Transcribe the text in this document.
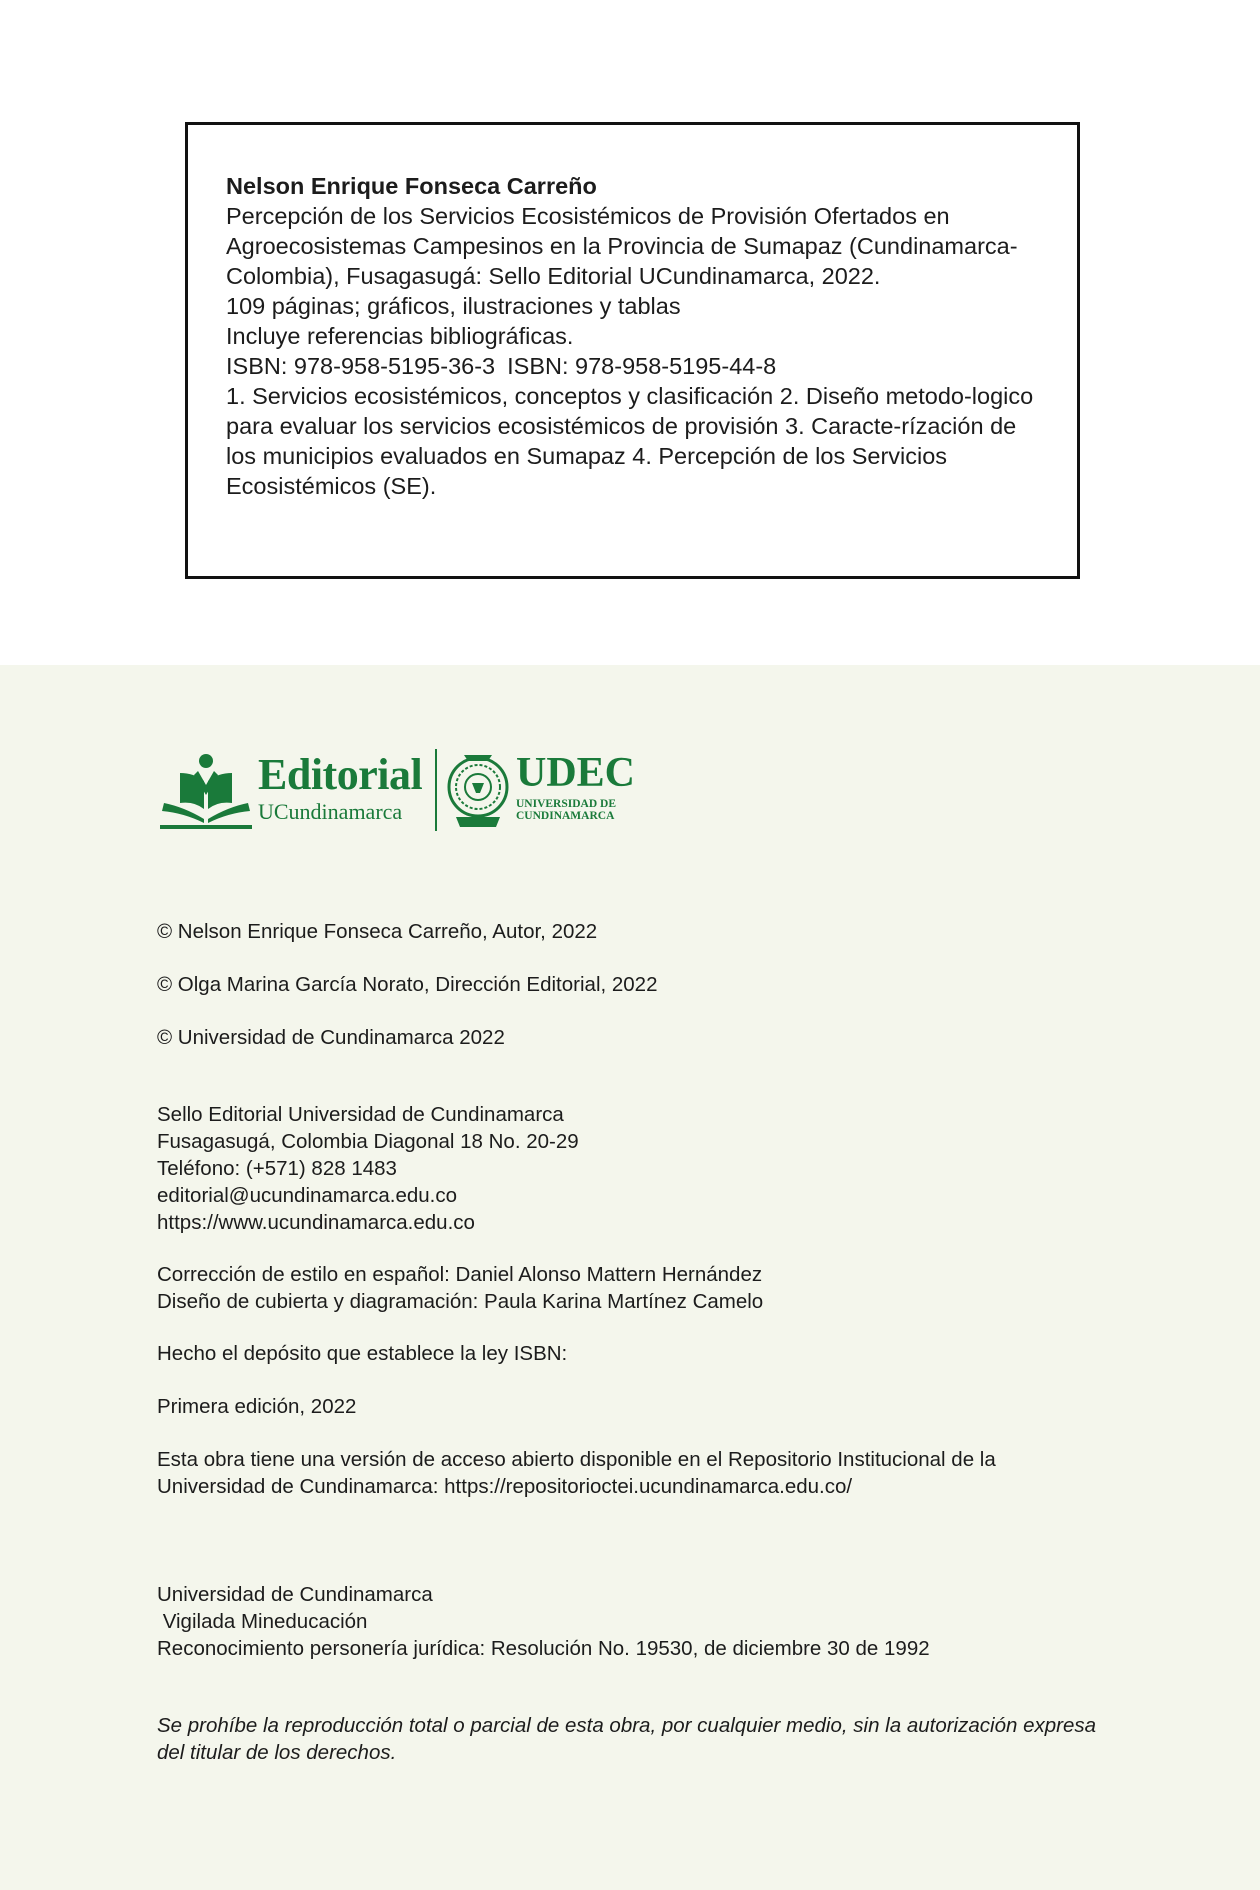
Nelson Enrique Fonseca Carreño
Percepción de los Servicios Ecosistémicos de Provisión Ofertados en Agroecosistemas Campesinos en la Provincia de Sumapaz (Cundinamarca-Colombia), Fusagasugá: Sello Editorial UCundinamarca, 2022.
109 páginas; gráficos, ilustraciones y tablas
Incluye referencias bibliográficas.
ISBN: 978-958-5195-36-3 ISBN: 978-958-5195-44-8
1. Servicios ecosistémicos, conceptos y clasificación 2. Diseño metodo-logico para evaluar los servicios ecosistémicos de provisión 3. Caracte-rízación de los municipios evaluados en Sumapaz 4. Percepción de los Servicios Ecosistémicos (SE).
Editorial
UCundinamarca
UDEC
UNIVERSIDAD DE CUNDINAMARCA
© Nelson Enrique Fonseca Carreño, Autor, 2022
© Olga Marina García Norato, Dirección Editorial, 2022
© Universidad de Cundinamarca 2022
Sello Editorial Universidad de Cundinamarca
Fusagasugá, Colombia Diagonal 18 No. 20-29
Teléfono: (+571) 828 1483
editorial@ucundinamarca.edu.co
https://www.ucundinamarca.edu.co
Corrección de estilo en español: Daniel Alonso Mattern Hernández
Diseño de cubierta y diagramación: Paula Karina Martínez Camelo
Hecho el depósito que establece la ley ISBN:
Primera edición, 2022
Esta obra tiene una versión de acceso abierto disponible en el Repositorio Institucional de la Universidad de Cundinamarca: https://repositorioctei.ucundinamarca.edu.co/
Universidad de Cundinamarca
Vigilada Mineducación
Reconocimiento personería jurídica: Resolución No. 19530, de diciembre 30 de 1992
Se prohíbe la reproducción total o parcial de esta obra, por cualquier medio, sin la autorización expresa del titular de los derechos.
